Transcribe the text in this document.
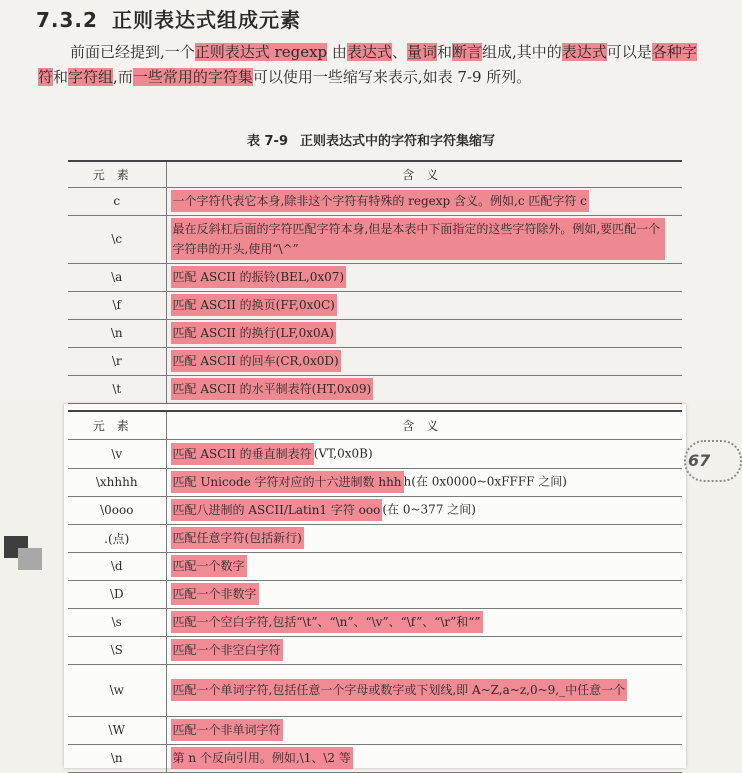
7.3.2 正则表达式组成元素

前面已经提到,一个正则表达式 regexp 由表达式、量词和断言组成,其中的表达式可以是各种字符和字符组,而一些常用的字符集可以使用一些缩写来表示,如表 7-9 所列。

表 7-9 正则表达式中的字符和字符集缩写

元素	含义
c	一个字符代表它本身,除非这个字符有特殊的 regexp 含义。例如,c 匹配字符 c
\c	最在反斜杠后面的字符匹配字符本身,但是本表中下面指定的这些字符除外。例如,要匹配一个字符串的开头,使用“\^”
\a	匹配 ASCII 的振铃(BEL,0x07)
\f	匹配 ASCII 的换页(FF,0x0C)
\n	匹配 ASCII 的换行(LF,0x0A)
\r	匹配 ASCII 的回车(CR,0x0D)
\t	匹配 ASCII 的水平制表符(HT,0x09)
元素	含义
\v	匹配 ASCII 的垂直制表符 (VT,0x0B)
\xhhhh	匹配 Unicode 字符对应的十六进制数 hhh h(在 0x0000~0xFFFF 之间)
\0ooo	匹配八进制的 ASCII/Latin1 字符 ooo (在 0~377 之间)
.(点)	匹配任意字符(包括新行)
\d	匹配一个数字
\D	匹配一个非数字
\s	匹配一个空白字符,包括“\t”、“\n”、“\v”、“\f”、“\r”和“”
\S	匹配一个非空白字符
\w	匹配一个单词字符,包括任意一个字母或数字或下划线,即 A~Z,a~z,0~9,_中任意一个
\W	匹配一个非单词字符
\n	第 n 个反向引用。例如,\1、\2 等
67
